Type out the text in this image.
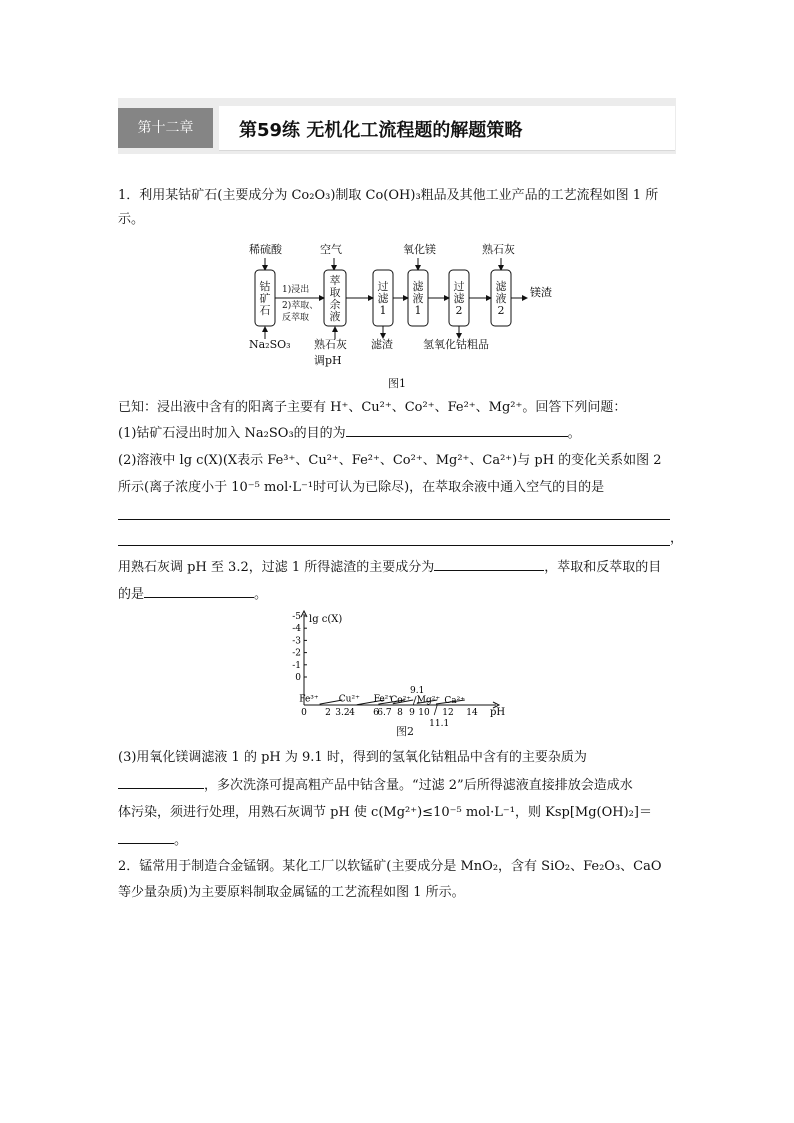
第十二章	第59练 无机化工流程题的解题策略
1．利用某钴矿石(主要成分为 Co₂O₃)制取 Co(OH)₃粗品及其他工业产品的工艺流程如图 1 所
示。
稀硫酸	空气	氧化镁	熟石灰
钴
矿
石
萃
取
余
液
过
滤
1
滤
液
1
过
滤
2
滤
液
2
1)浸出
2)萃取、
反萃取
镁渣
Na₂SO₃ 熟石灰
调pH
滤渣	氢氧化钴粗品
图1
已知：浸出液中含有的阳离子主要有 H⁺、Cu²⁺、Co²⁺、Fe²⁺、Mg²⁺。回答下列问题：
(1)钴矿石浸出时加入 Na₂SO₃的目的为	。
(2)溶液中 lg c(X)(X表示 Fe³⁺、Cu²⁺、Fe²⁺、Co²⁺、Mg²⁺、Ca²⁺)与 pH 的变化关系如图 2
所示(离子浓度小于 10⁻⁵ mol·L⁻¹时可认为已除尽)，在萃取余液中通入空气的目的是
，
用熟石灰调 pH 至 3.2，过滤 1 所得滤渣的主要成分为	，萃取和反萃取的目
的是	。
lg c(X)
pH
0
-1
-2
-3
-4
-5
0 2 3.2 4 6
6.7 8 9 10 12 14
9.1
11.1
Fe³⁺ Cu²⁺ Fe²⁺
Co²⁺ Mg²⁺ Ca²⁺
图2
(3)用氧化镁调滤液 1 的 pH 为 9.1 时，得到的氢氧化钴粗品中含有的主要杂质为
，多次洗涤可提高粗产品中钴含量。“过滤 2”后所得滤液直接排放会造成水
体污染，须进行处理，用熟石灰调节 pH 使 c(Mg²⁺)≤10⁻⁵ mol·L⁻¹，则 Ksp[Mg(OH)₂]＝
。
2．锰常用于制造合金锰钢。某化工厂以软锰矿(主要成分是 MnO₂，含有 SiO₂、Fe₂O₃、CaO
等少量杂质)为主要原料制取金属锰的工艺流程如图 1 所示。
